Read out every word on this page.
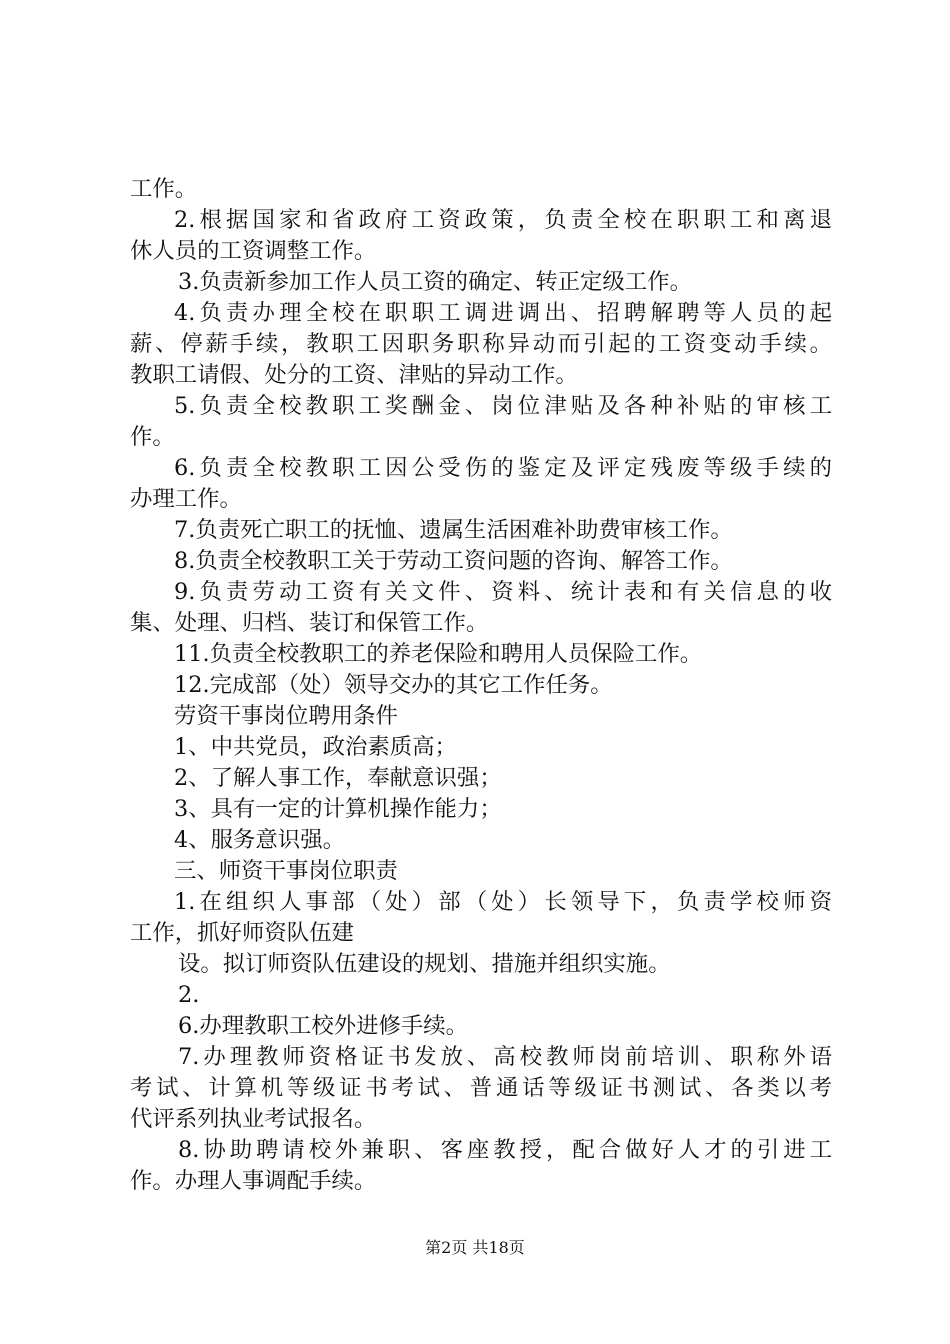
工作。
2.根据国家和省政府工资政策，负责全校在职职工和离退
休人员的工资调整工作。
3.负责新参加工作人员工资的确定、转正定级工作。
4.负责办理全校在职职工调进调出、招聘解聘等人员的起
薪、停薪手续，教职工因职务职称异动而引起的工资变动手续。
教职工请假、处分的工资、津贴的异动工作。
5.负责全校教职工奖酬金、岗位津贴及各种补贴的审核工
作。
6.负责全校教职工因公受伤的鉴定及评定残废等级手续的
办理工作。
7.负责死亡职工的抚恤、遗属生活困难补助费审核工作。
8.负责全校教职工关于劳动工资问题的咨询、解答工作。
9.负责劳动工资有关文件、资料、统计表和有关信息的收
集、处理、归档、装订和保管工作。
11.负责全校教职工的养老保险和聘用人员保险工作。
12.完成部（处）领导交办的其它工作任务。
劳资干事岗位聘用条件
1、中共党员，政治素质高；
2、了解人事工作，奉献意识强；
3、具有一定的计算机操作能力；
4、服务意识强。
三、师资干事岗位职责
1.在组织人事部（处）部（处）长领导下，负责学校师资
工作，抓好师资队伍建
设。拟订师资队伍建设的规划、措施并组织实施。
2.
6.办理教职工校外进修手续。
7.办理教师资格证书发放、高校教师岗前培训、职称外语
考试、计算机等级证书考试、普通话等级证书测试、各类以考
代评系列执业考试报名。
8.协助聘请校外兼职、客座教授，配合做好人才的引进工
作。办理人事调配手续。
第2页 共18页
